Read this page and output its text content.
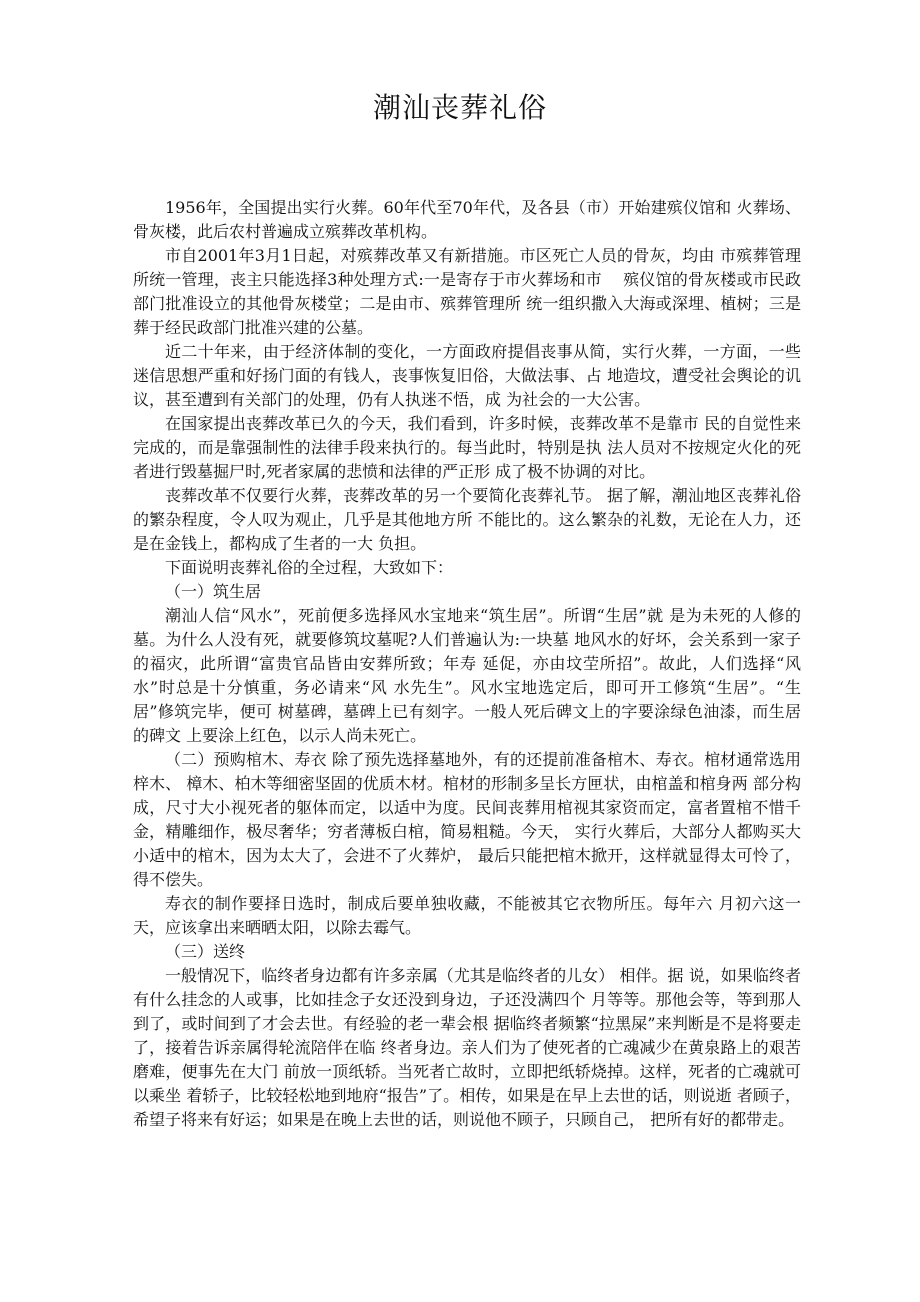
潮汕丧葬礼俗

1956年，全国提出实行火葬。60年代至70年代，及各县（市）开始建殡仪馆和 火葬场、骨灰楼，此后农村普遍成立殡葬改革机构。

市自2001年3月1日起，对殡葬改革又有新措施。市区死亡人员的骨灰，均由 市殡葬管理所统一管理，丧主只能选择3种处理方式:一是寄存于市火葬场和市　 殡仪馆的骨灰楼或市民政部门批准设立的其他骨灰楼堂；二是由市、殡葬管理所 统一组织撒入大海或深埋、植树；三是葬于经民政部门批准兴建的公墓。

近二十年来，由于经济体制的变化，一方面政府提倡丧事从简，实行火葬，一方面，一些迷信思想严重和好扬门面的有钱人，丧事恢复旧俗，大做法事、占 地造坟，遭受社会舆论的讥议，甚至遭到有关部门的处理，仍有人执迷不悟，成 为社会的一大公害。

在国家提出丧葬改革已久的今天，我们看到，许多时候，丧葬改革不是靠市 民的自觉性来完成的，而是靠强制性的法律手段来执行的。每当此时，特别是执 法人员对不按规定火化的死者进行毁墓掘尸时,死者家属的悲愤和法律的严正形 成了极不协调的对比。

丧葬改革不仅要行火葬，丧葬改革的另一个要简化丧葬礼节。 据了解，潮汕地区丧葬礼俗的繁杂程度，令人叹为观止，几乎是其他地方所 不能比的。这么繁杂的礼数，无论在人力，还是在金钱上，都构成了生者的一大 负担。

下面说明丧葬礼俗的全过程，大致如下：

（一）筑生居

潮汕人信“风水”，死前便多选择风水宝地来“筑生居”。所谓“生居”就 是为未死的人修的墓。为什么人没有死，就要修筑坟墓呢?人们普遍认为:一块墓 地风水的好坏，会关系到一家子的福灾，此所谓“富贵官品皆由安葬所致；年寿 延促，亦由坟茔所招”。故此，人们选择“风水”时总是十分慎重，务必请来“风 水先生”。风水宝地选定后，即可开工修筑“生居”。“生居”修筑完毕，便可 树墓碑，墓碑上已有刻字。一般人死后碑文上的字要涂绿色油漆，而生居的碑文 上要涂上红色，以示人尚未死亡。

（二）预购棺木、寿衣 除了预先选择墓地外，有的还提前准备棺木、寿衣。棺材通常选用梓木、 樟木、柏木等细密坚固的优质木材。棺材的形制多呈长方匣状，由棺盖和棺身两 部分构成，尺寸大小视死者的躯体而定，以适中为度。民间丧葬用棺视其家资而定，富者置棺不惜千金，精雕细作，极尽奢华；穷者薄板白棺，简易粗糙。今天， 实行火葬后，大部分人都购买大小适中的棺木，因为太大了，会进不了火葬炉， 最后只能把棺木掀开，这样就显得太可怜了，得不偿失。

寿衣的制作要择日选时，制成后要单独收藏，不能被其它衣物所压。每年六 月初六这一天，应该拿出来晒晒太阳，以除去霉气。

（三）送终

一般情况下，临终者身边都有许多亲属（尤其是临终者的儿女） 相伴。据 说，如果临终者有什么挂念的人或事，比如挂念子女还没到身边，子还没满四个 月等等。那他会等，等到那人到了，或时间到了才会去世。有经验的老一辈会根 据临终者频繁“拉黑屎”来判断是不是将要走了，接着告诉亲属得轮流陪伴在临 终者身边。亲人们为了使死者的亡魂减少在黄泉路上的艰苦磨难，便事先在大门 前放一顶纸轿。当死者亡故时，立即把纸轿烧掉。这样，死者的亡魂就可以乘坐 着轿子，比较轻松地到地府“报告”了。相传，如果是在早上去世的话，则说逝 者顾子，希望子将来有好运；如果是在晚上去世的话，则说他不顾子，只顾自己， 把所有好的都带走。
